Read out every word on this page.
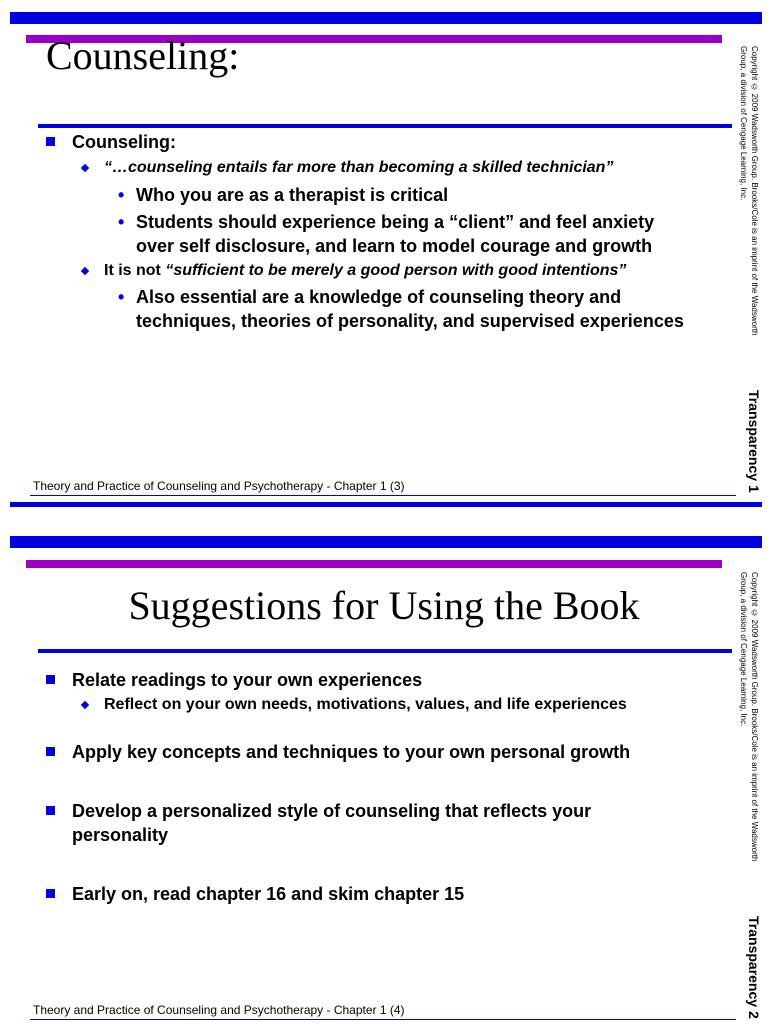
Counseling:	Copyright © 2009 Wadsworth Group. Brooks/Cole is an imprint of the Wadsworth Group, a division of Cengage Learning, Inc.
Transparency 1
Counseling:
“…counseling entails far more than becoming a skilled technician”
• Who you are as a therapist is critical
• Students should experience being a “client” and feel anxiety
over self disclosure, and learn to model courage and growth
It is not “sufficient to be merely a good person with good intentions”
• Also essential are a knowledge of counseling theory and
techniques, theories of personality, and supervised experiences
Theory and Practice of Counseling and Psychotherapy - Chapter 1 (3)
Suggestions for Using the Book	Copyright © 2009 Wadsworth Group. Brooks/Cole is an imprint of the Wadsworth Group, a division of Cengage Learning, Inc.
Transparency 2
Relate readings to your own experiences
Reflect on your own needs, motivations, values, and life experiences
Apply key concepts and techniques to your own personal growth
Develop a personalized style of counseling that reflects your
personality
Early on, read chapter 16 and skim chapter 15
Theory and Practice of Counseling and Psychotherapy - Chapter 1 (4)
